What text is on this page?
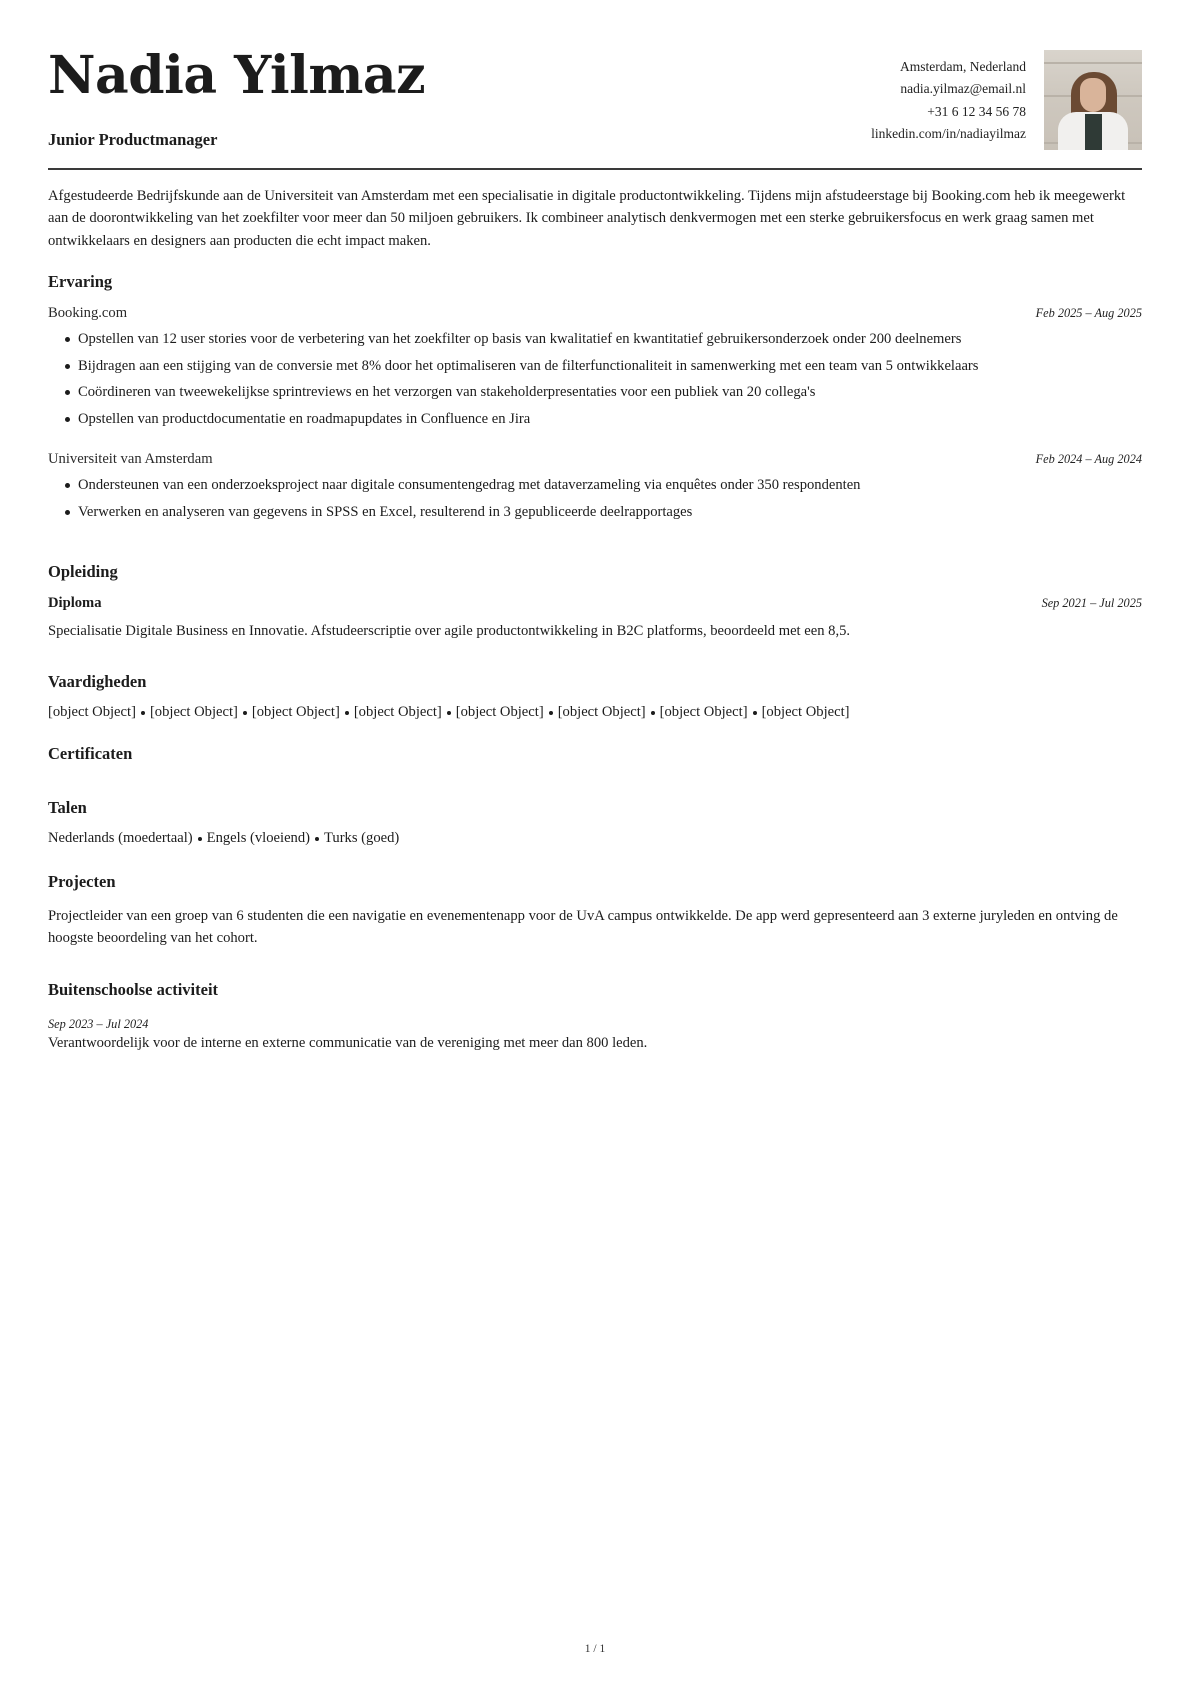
Nadia Yilmaz
Junior Productmanager
Amsterdam, Nederland
nadia.yilmaz@email.nl
+31 6 12 34 56 78
linkedin.com/in/nadiayilmaz
Afgestudeerde Bedrijfskunde aan de Universiteit van Amsterdam met een specialisatie in digitale productontwikkeling. Tijdens mijn afstudeerstage bij Booking.com heb ik meegewerkt aan de doorontwikkeling van het zoekfilter voor meer dan 50 miljoen gebruikers. Ik combineer analytisch denkvermogen met een sterke gebruikersfocus en werk graag samen met ontwikkelaars en designers aan producten die echt impact maken.
Ervaring
Booking.com	Feb 2025 – Aug 2025
Opstellen van 12 user stories voor de verbetering van het zoekfilter op basis van kwalitatief en kwantitatief gebruikersonderzoek onder 200 deelnemers
Bijdragen aan een stijging van de conversie met 8% door het optimaliseren van de filterfunctionaliteit in samenwerking met een team van 5 ontwikkelaars
Coördineren van tweewekelijkse sprintreviews en het verzorgen van stakeholderpresentaties voor een publiek van 20 collega's
Opstellen van productdocumentatie en roadmapupdates in Confluence en Jira
Universiteit van Amsterdam	Feb 2024 – Aug 2024
Ondersteunen van een onderzoeksproject naar digitale consumentengedrag met dataverzameling via enquêtes onder 350 respondenten
Verwerken en analyseren van gegevens in SPSS en Excel, resulterend in 3 gepubliceerde deelrapportages
Opleiding
Diploma	Sep 2021 – Jul 2025
Specialisatie Digitale Business en Innovatie. Afstudeerscriptie over agile productontwikkeling in B2C platforms, beoordeeld met een 8,5.
Vaardigheden
[object Object] [object Object] [object Object] [object Object] [object Object] [object Object] [object Object] [object Object]
Certificaten
Talen
Nederlands (moedertaal) Engels (vloeiend) Turks (goed)
Projecten
Projectleider van een groep van 6 studenten die een navigatie en evenementenapp voor de UvA campus ontwikkelde. De app werd gepresenteerd aan 3 externe juryleden en ontving de hoogste beoordeling van het cohort.
Buitenschoolse activiteit
Sep 2023 – Jul 2024
Verantwoordelijk voor de interne en externe communicatie van de vereniging met meer dan 800 leden.
1 / 1
